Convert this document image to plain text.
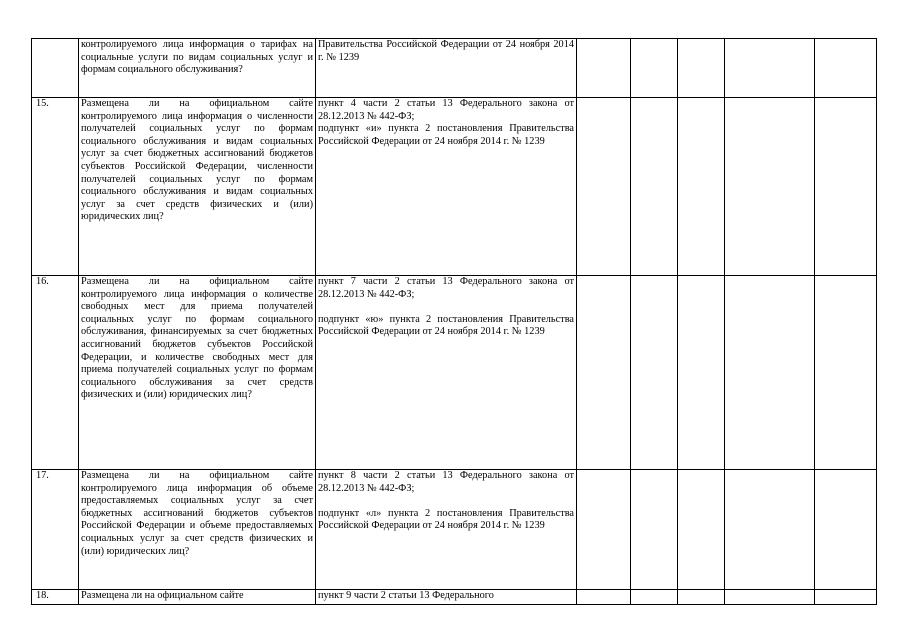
	контролируемого лица информация о тарифах на социальные услуги по видам социальных услуг и формам социального обслуживания?	Правительства Российской Федерации от 24 ноября 2014 г. № 1239					

15.	Размещена ли на официальном сайте контролируемого лица информация о численности получателей социальных услуг по формам социального обслуживания и видам социальных услуг за счет бюджетных ассигнований бюджетов субъектов Российской Федерации, численности получателей социальных услуг по формам социального обслуживания и видам социальных услуг за счет средств физических и (или) юридических лиц?	пункт 4 части 2 статьи 13 Федерального закона от 28.12.2013 № 442-ФЗ;
подпункт «и» пункта 2 постановления Правительства Российской Федерации от 24 ноября 2014 г. № 1239					

16.	Размещена ли на официальном сайте контролируемого лица информация о количестве свободных мест для приема получателей социальных услуг по формам социального обслуживания, финансируемых за счет бюджетных ассигнований бюджетов субъектов Российской Федерации, и количестве свободных мест для приема получателей социальных услуг по формам социального обслуживания за счет средств физических и (или) юридических лиц?	пункт 7 части 2 статьи 13 Федерального закона от 28.12.2013 № 442-ФЗ;
подпункт «ю» пункта 2 постановления Правительства Российской Федерации от 24 ноября 2014 г. № 1239					

17.	Размещена ли на официальном сайте контролируемого лица информация об объеме предоставляемых социальных услуг за счет бюджетных ассигнований бюджетов субъектов Российской Федерации и объеме предоставляемых социальных услуг за счет средств физических и (или) юридических лиц?	пункт 8 части 2 статьи 13 Федерального закона от 28.12.2013 № 442-ФЗ;
подпункт «л» пункта 2 постановления Правительства Российской Федерации от 24 ноября 2014 г. № 1239					

18.	Размещена ли на официальном сайте	пункт 9 части 2 статьи 13 Федерального					
